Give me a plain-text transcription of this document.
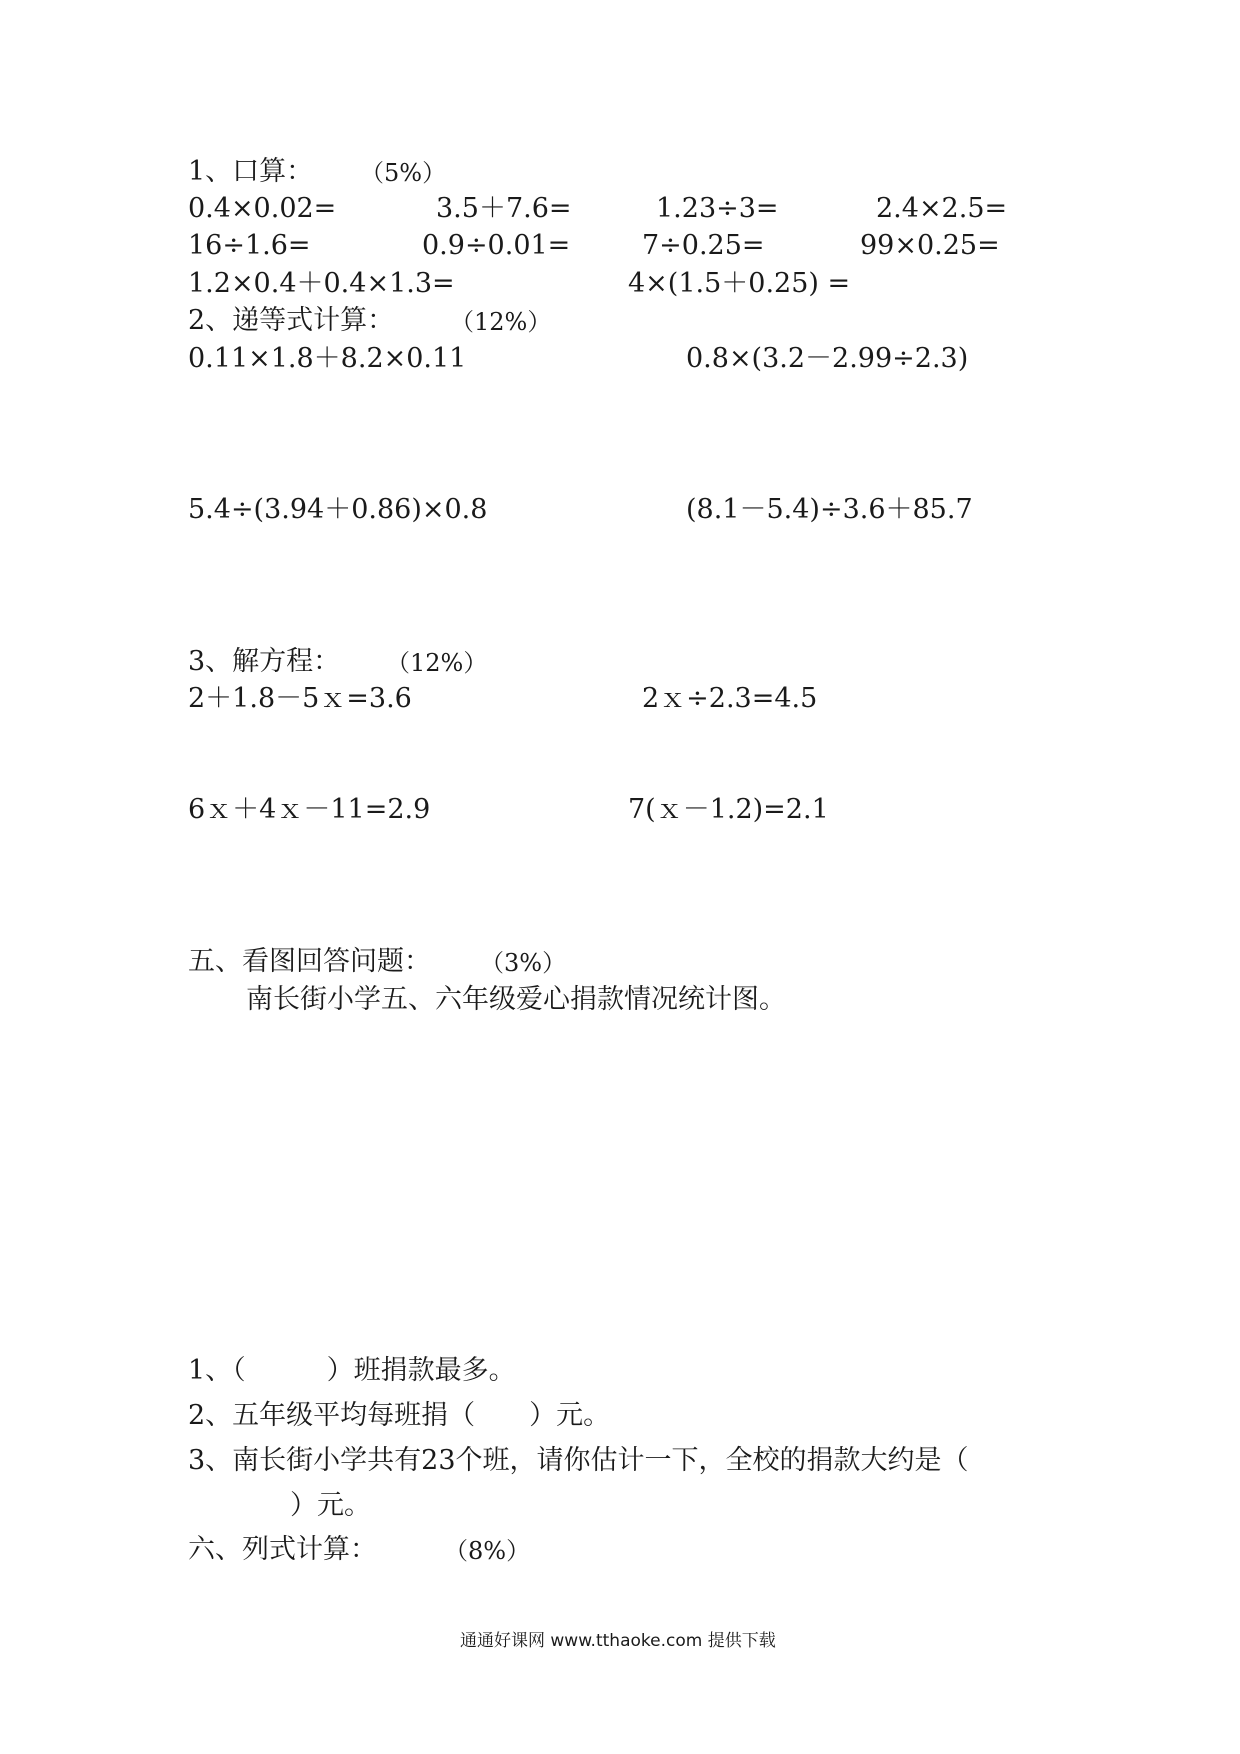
1、口算： （5%）
0.4×0.02=	3.5＋7.6=	1.23÷3=	2.4×2.5=
16÷1.6=	0.9÷0.01=	7÷0.25=	99×0.25=
1.2×0.4＋0.4×1.3=	4×(1.5＋0.25) =
2、递等式计算： （12%）
0.11×1.8＋8.2×0.11	0.8×(3.2－2.99÷2.3)
5.4÷(3.94＋0.86)×0.8	(8.1－5.4)÷3.6＋85.7
3、解方程： （12%）
2＋1.8－5ｘ=3.6	2ｘ÷2.3=4.5
6ｘ＋4ｘ－11=2.9	7(ｘ－1.2)=2.1
五、看图回答问题： （3%）
南长街小学五、六年级爱心捐款情况统计图。
1、（　　　）班捐款最多。
2、五年级平均每班捐（　　）元。
3、南长街小学共有23个班，请你估计一下，全校的捐款大约是（
）元。
六、列式计算：	（8%）
通通好课网 www.tthaoke.com 提供下载
